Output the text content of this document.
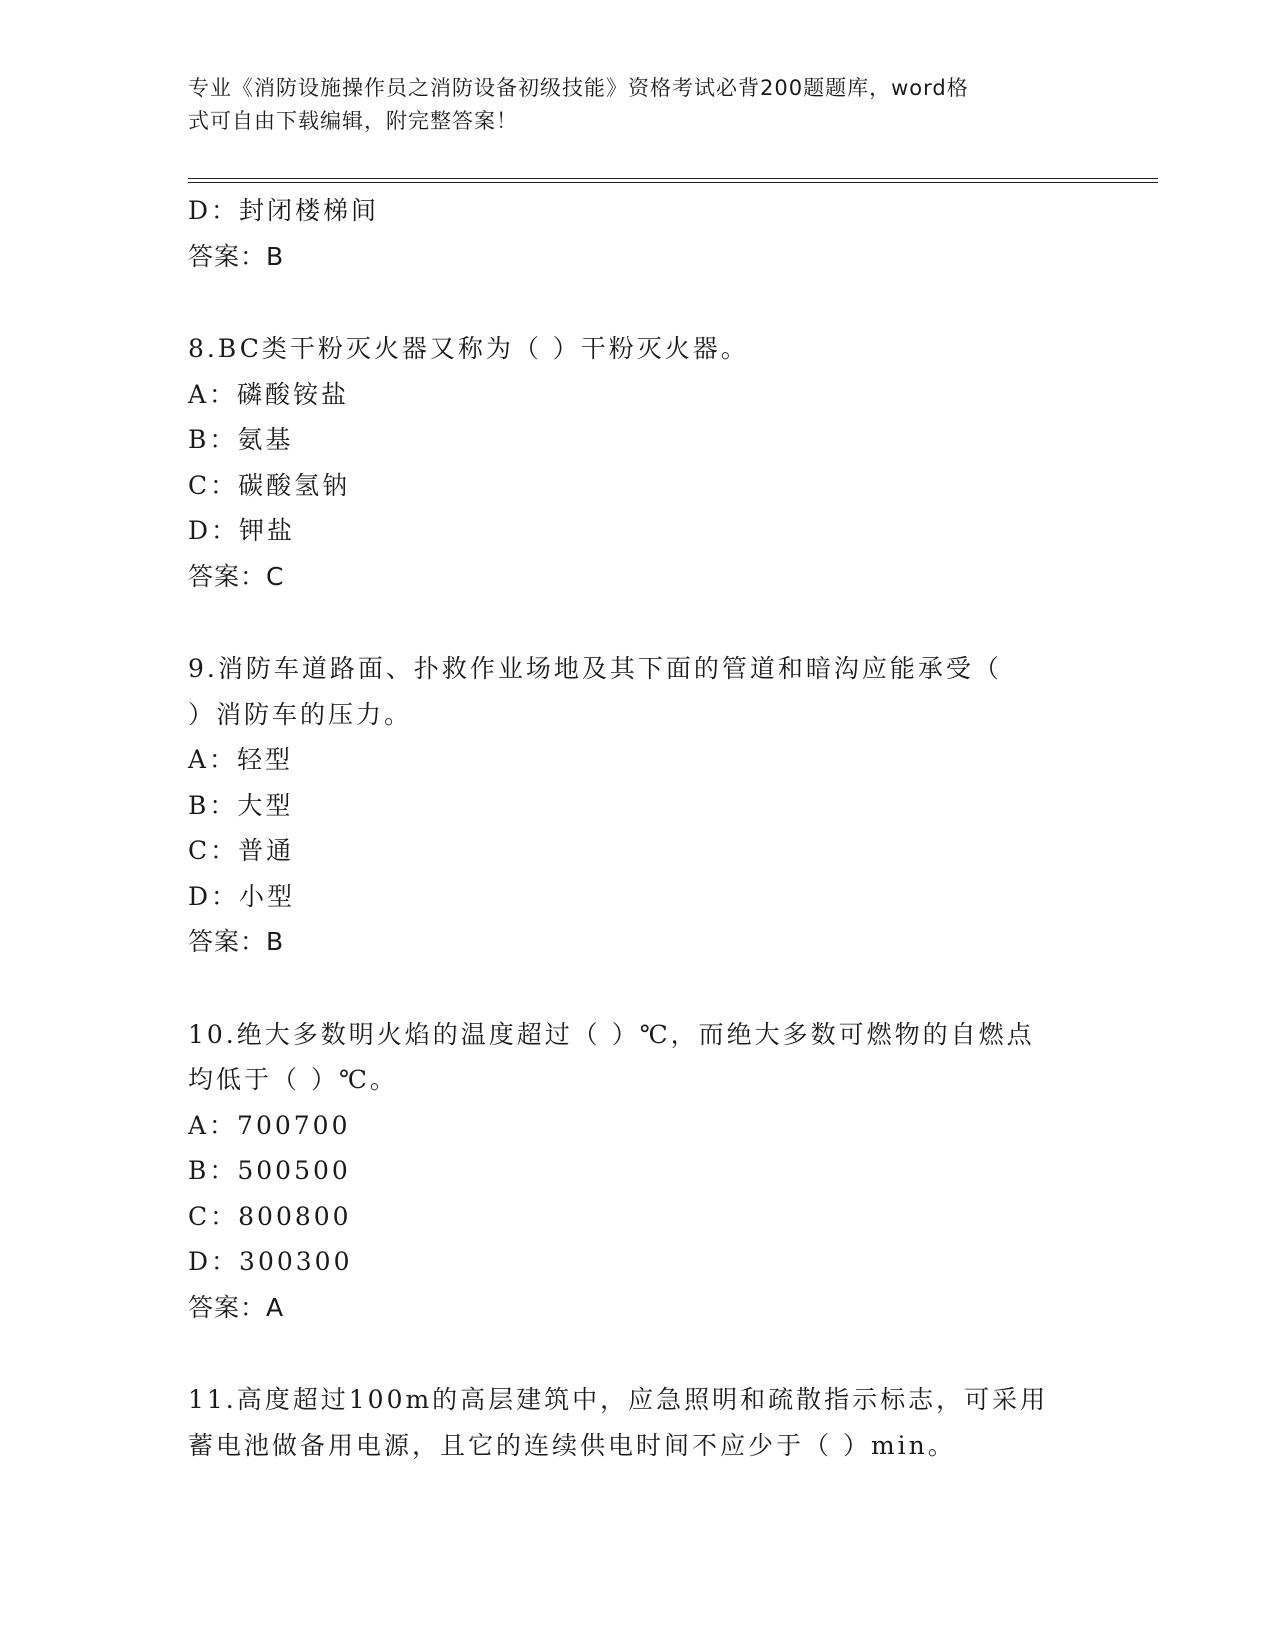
专业《消防设施操作员之消防设备初级技能》资格考试必背200题题库，word格
式可自由下载编辑，附完整答案！
D：封闭楼梯间
答案：B
8.BC类干粉灭火器又称为（ ）干粉灭火器。
A：磷酸铵盐
B：氨基
C：碳酸氢钠
D：钾盐
答案：C
9.消防车道路面、扑救作业场地及其下面的管道和暗沟应能承受（
）消防车的压力。
A：轻型
B：大型
C：普通
D：小型
答案：B
10.绝大多数明火焰的温度超过（ ）℃，而绝大多数可燃物的自燃点
均低于（ ）℃。
A：700700
B：500500
C：800800
D：300300
答案：A
11.高度超过100m的高层建筑中，应急照明和疏散指示标志，可采用
蓄电池做备用电源，且它的连续供电时间不应少于（ ）min。
